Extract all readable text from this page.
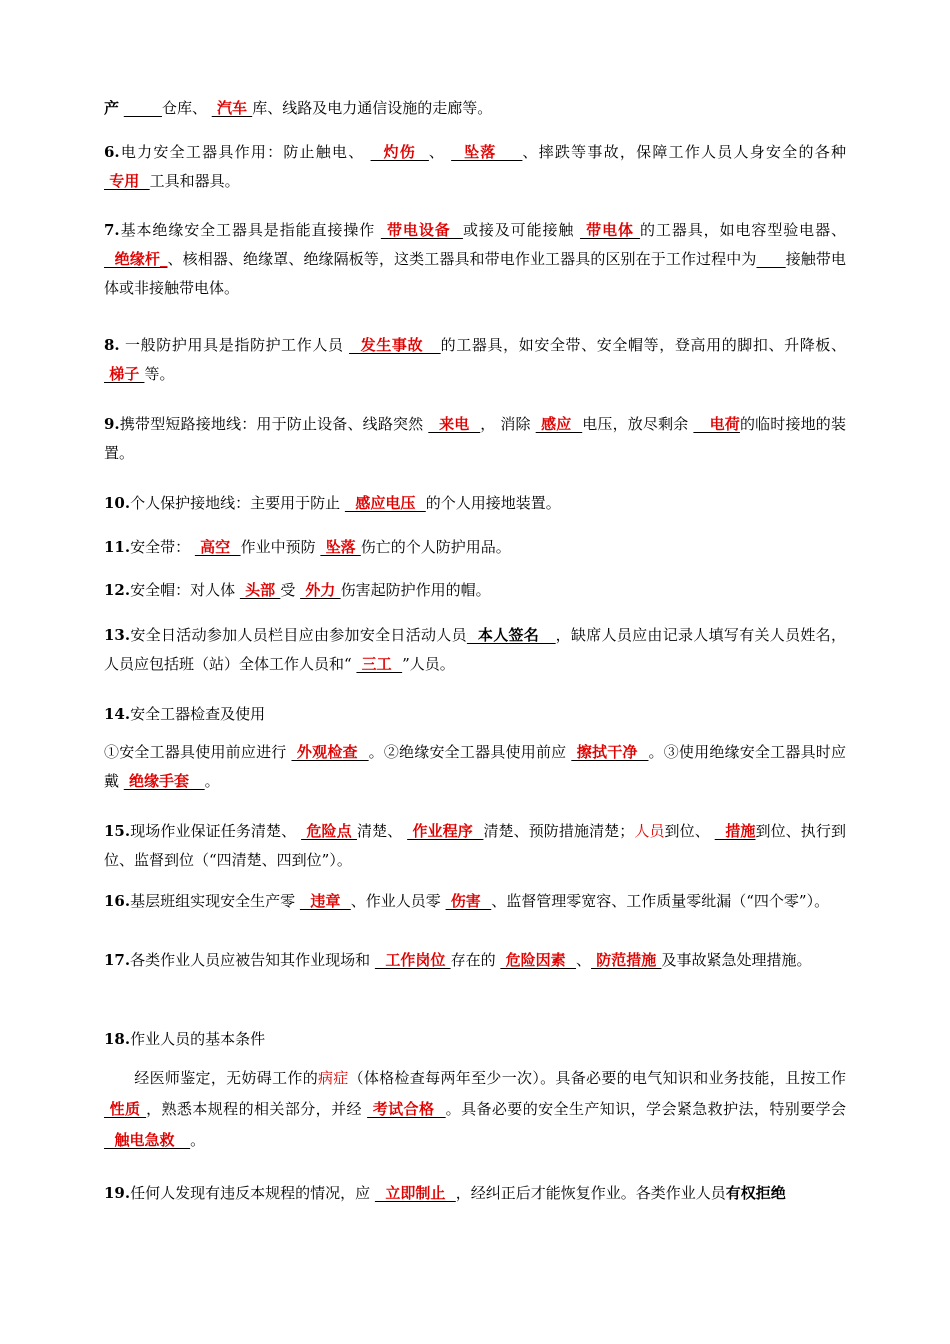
产	仓库、  汽车 库、线路及电力通信设施的走廊等。
6.电力安全工器具作用：防止触电、   灼伤  、   坠落    、摔跌等事故，保障工作人员人身安全的各种  专用  工具和器具。
7.基本绝缘安全工器具是指能直接操作  带电设备  或接及可能接触  带电体 的工器具，如电容型验电器、  绝缘杆_、核相器、绝缘罩、绝缘隔板等，这类工器具和带电作业工器具的区别在于工作过程中为 接触带电体或非接触带电体。
8. 一般防护用具是指防护工作人员   发生事故   的工器具，如安全带、安全帽等，登高用的脚扣、升降板、  梯子 等。
9.携带型短路接地线：用于防止设备、线路突然   来电  ， 消除  感应  电压，放尽剩余    电荷的临时接地的装置。
10.个人保护接地线：主要用于防止   感应电压  的个人用接地装置。
11.安全带：  高空  作业中预防  坠落 伤亡的个人防护用品。
12.安全帽：对人体  头部 受  外力 伤害起防护作用的帽。
13.安全日活动参加人员栏目应由参加安全日活动人员  本人签名   ，缺席人员应由记录人填写有关人员姓名，人员应包括班（站）全体工作人员和“  三工  ”人员。
14.安全工器检查及使用
①安全工器具使用前应进行  外观检查  。②绝缘安全工器具使用前应  擦拭干净  。③使用绝缘安全工器具时应戴  绝缘手套   。
15.现场作业保证任务清楚、  危险点 清楚、  作业程序  清楚、预防措施清楚；人员到位、   措施到位、执行到位、监督到位（“四清楚、四到位”）。
16.基层班组实现安全生产零   违章  、作业人员零  伤害  、监督管理零宽容、工作质量零纰漏（“四个零”）。
17.各类作业人员应被告知其作业现场和   工作岗位 存在的  危险因素  、 防范措施 及事故紧急处理措施。
18.作业人员的基本条件
经医师鉴定，无妨碍工作的病症（体格检查每两年至少一次）。具备必要的电气知识和业务技能，且按工作  性质 ，熟悉本规程的相关部分，并经  考试合格  。具备必要的安全生产知识，学会紧急救护法，特别要学会   触电急救   。
19.任何人发现有违反本规程的情况，应   立即制止  ，经纠正后才能恢复作业。各类作业人员有权拒绝
